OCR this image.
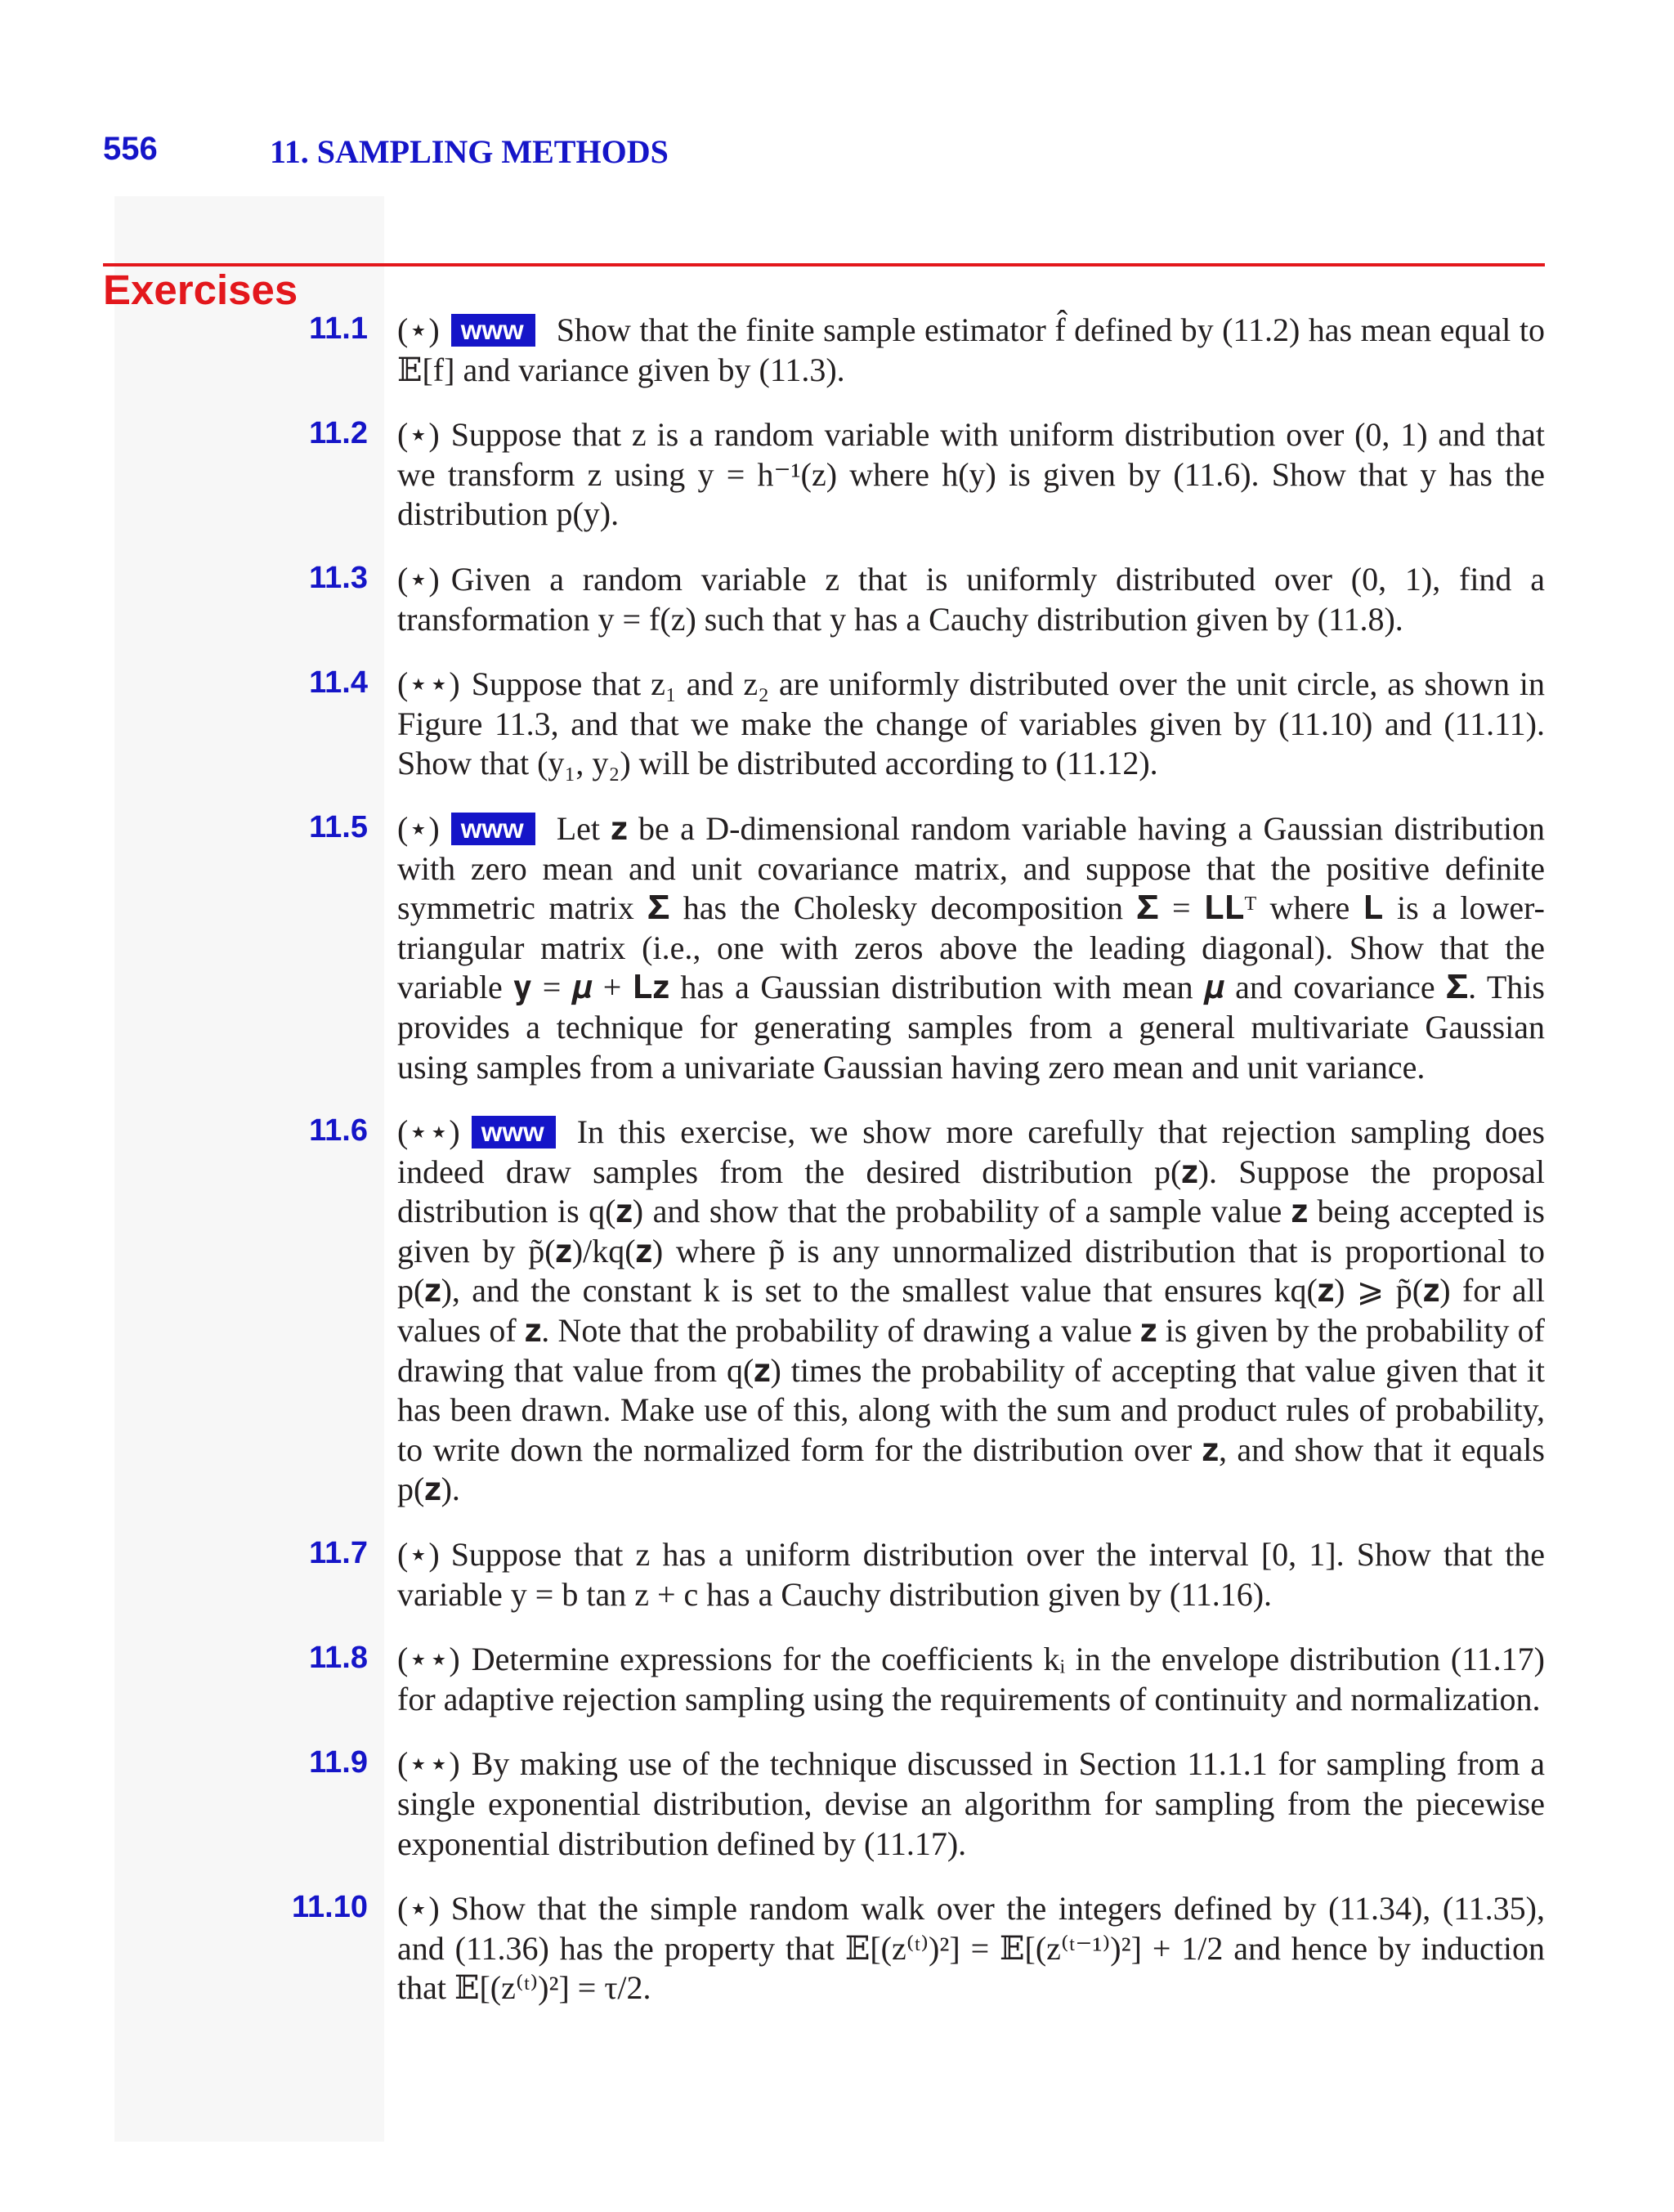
556	11. SAMPLING METHODS
Exercises
11.1 (⋆) www Show that the finite sample estimator f̂ defined by (11.2) has mean equal to 𝔼[f] and variance given by (11.3).
11.2 (⋆) Suppose that z is a random variable with uniform distribution over (0, 1) and that we transform z using y = h⁻¹(z) where h(y) is given by (11.6). Show that y has the distribution p(y).
11.3 (⋆) Given a random variable z that is uniformly distributed over (0, 1), find a transformation y = f(z) such that y has a Cauchy distribution given by (11.8).
11.4 (⋆⋆) Suppose that z₁ and z₂ are uniformly distributed over the unit circle, as shown in Figure 11.3, and that we make the change of variables given by (11.10) and (11.11). Show that (y₁, y₂) will be distributed according to (11.12).
11.5 (⋆) www Let 𝐳 be a D-dimensional random variable having a Gaussian distribution with zero mean and unit covariance matrix, and suppose that the positive definite symmetric matrix 𝚺 has the Cholesky decomposition 𝚺 = 𝐋𝐋ᵀ where 𝐋 is a lower-triangular matrix (i.e., one with zeros above the leading diagonal). Show that the variable 𝐲 = 𝝁 + 𝐋𝐳 has a Gaussian distribution with mean 𝝁 and covariance 𝚺. This provides a technique for generating samples from a general multivariate Gaussian using samples from a univariate Gaussian having zero mean and unit variance.
11.6 (⋆⋆) www In this exercise, we show more carefully that rejection sampling does indeed draw samples from the desired distribution p(𝐳). Suppose the proposal distribution is q(𝐳) and show that the probability of a sample value 𝐳 being accepted is given by p̃(𝐳)/kq(𝐳) where p̃ is any unnormalized distribution that is proportional to p(𝐳), and the constant k is set to the smallest value that ensures kq(𝐳) ⩾ p̃(𝐳) for all values of 𝐳. Note that the probability of drawing a value 𝐳 is given by the probability of drawing that value from q(𝐳) times the probability of accepting that value given that it has been drawn. Make use of this, along with the sum and product rules of probability, to write down the normalized form for the distribution over 𝐳, and show that it equals p(𝐳).
11.7 (⋆) Suppose that z has a uniform distribution over the interval [0, 1]. Show that the variable y = b tan z + c has a Cauchy distribution given by (11.16).
11.8 (⋆⋆) Determine expressions for the coefficients kᵢ in the envelope distribution (11.17) for adaptive rejection sampling using the requirements of continuity and normalization.
11.9 (⋆⋆) By making use of the technique discussed in Section 11.1.1 for sampling from a single exponential distribution, devise an algorithm for sampling from the piecewise exponential distribution defined by (11.17).
11.10 (⋆) Show that the simple random walk over the integers defined by (11.34), (11.35), and (11.36) has the property that 𝔼[(z⁽ᵗ⁾)²] = 𝔼[(z⁽ᵗ⁻¹⁾)²] + 1/2 and hence by induction that 𝔼[(z⁽ᵗ⁾)²] = τ/2.
